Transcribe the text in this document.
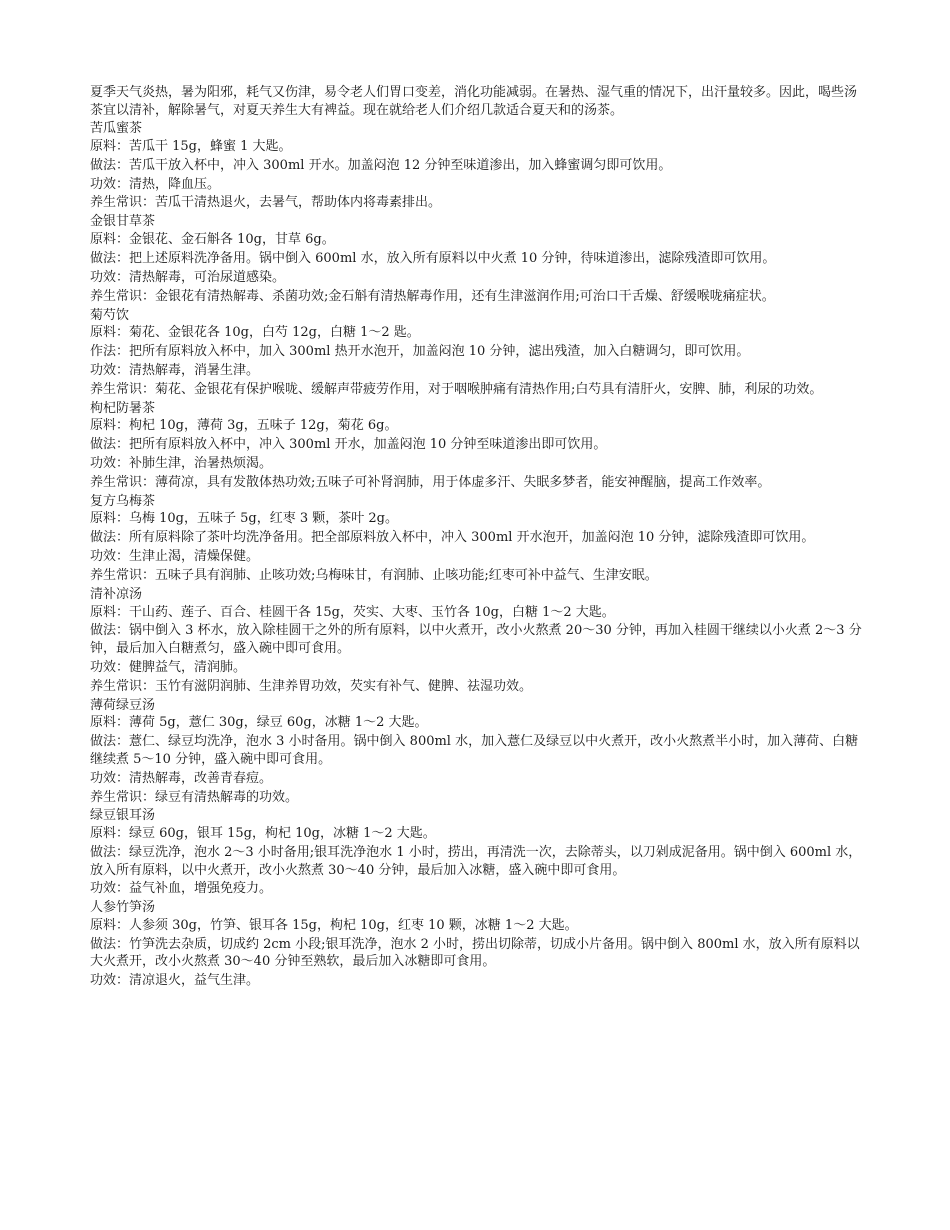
夏季天气炎热，暑为阳邪，耗气又伤津，易令老人们胃口变差，消化功能减弱。在暑热、湿气重的情况下，出汗量较多。因此，喝些汤茶宜以清补，解除暑气，对夏天养生大有裨益。现在就给老人们介绍几款适合夏天和的汤茶。

苦瓜蜜茶

原料：苦瓜干 15g，蜂蜜 1 大匙。

做法：苦瓜干放入杯中，冲入 300ml 开水。加盖闷泡 12 分钟至味道渗出，加入蜂蜜调匀即可饮用。

功效：清热，降血压。

养生常识：苦瓜干清热退火，去暑气，帮助体内将毒素排出。

金银甘草茶

原料：金银花、金石斛各 10g，甘草 6g。

做法：把上述原料洗净备用。锅中倒入 600ml 水，放入所有原料以中火煮 10 分钟，待味道渗出，滤除残渣即可饮用。

功效：清热解毒，可治尿道感染。

养生常识：金银花有清热解毒、杀菌功效;金石斛有清热解毒作用，还有生津滋润作用;可治口干舌燥、舒缓喉咙痛症状。

菊芍饮

原料：菊花、金银花各 10g，白芍 12g，白糖 1～2 匙。

作法：把所有原料放入杯中，加入 300ml 热开水泡开，加盖闷泡 10 分钟，滤出残渣，加入白糖调匀，即可饮用。

功效：清热解毒，消暑生津。

养生常识：菊花、金银花有保护喉咙、缓解声带疲劳作用，对于咽喉肿痛有清热作用;白芍具有清肝火，安脾、肺，利尿的功效。

枸杞防暑茶

原料：枸杞 10g，薄荷 3g，五味子 12g，菊花 6g。

做法：把所有原料放入杯中，冲入 300ml 开水，加盖闷泡 10 分钟至味道渗出即可饮用。

功效：补肺生津，治暑热烦渴。

养生常识：薄荷凉，具有发散体热功效;五味子可补肾润肺，用于体虚多汗、失眠多梦者，能安神醒脑，提高工作效率。

复方乌梅茶

原料：乌梅 10g，五味子 5g，红枣 3 颗，茶叶 2g。

做法：所有原料除了茶叶均洗净备用。把全部原料放入杯中，冲入 300ml 开水泡开，加盖闷泡 10 分钟，滤除残渣即可饮用。

功效：生津止渴，清燥保健。

养生常识：五味子具有润肺、止咳功效;乌梅味甘，有润肺、止咳功能;红枣可补中益气、生津安眠。

清补凉汤

原料：干山药、莲子、百合、桂圆干各 15g，芡实、大枣、玉竹各 10g，白糖 1～2 大匙。

做法：锅中倒入 3 杯水，放入除桂圆干之外的所有原料，以中火煮开，改小火熬煮 20～30 分钟，再加入桂圆干继续以小火煮 2～3 分钟，最后加入白糖煮匀，盛入碗中即可食用。

功效：健脾益气，清润肺。

养生常识：玉竹有滋阴润肺、生津养胃功效，芡实有补气、健脾、祛湿功效。

薄荷绿豆汤

原料：薄荷 5g，薏仁 30g，绿豆 60g，冰糖 1～2 大匙。

做法：薏仁、绿豆均洗净，泡水 3 小时备用。锅中倒入 800ml 水，加入薏仁及绿豆以中火煮开，改小火熬煮半小时，加入薄荷、白糖继续煮 5～10 分钟，盛入碗中即可食用。

功效：清热解毒，改善青春痘。

养生常识：绿豆有清热解毒的功效。

绿豆银耳汤

原料：绿豆 60g，银耳 15g，枸杞 10g，冰糖 1～2 大匙。

做法：绿豆洗净，泡水 2～3 小时备用;银耳洗净泡水 1 小时，捞出，再清洗一次，去除蒂头，以刀剁成泥备用。锅中倒入 600ml 水，放入所有原料，以中火煮开，改小火熬煮 30～40 分钟，最后加入冰糖，盛入碗中即可食用。

功效：益气补血，增强免疫力。

人参竹笋汤

原料：人参须 30g，竹笋、银耳各 15g，枸杞 10g，红枣 10 颗，冰糖 1～2 大匙。

做法：竹笋洗去杂质，切成约 2cm 小段;银耳洗净，泡水 2 小时，捞出切除蒂，切成小片备用。锅中倒入 800ml 水，放入所有原料以大火煮开，改小火熬煮 30～40 分钟至熟软，最后加入冰糖即可食用。

功效：清凉退火，益气生津。
